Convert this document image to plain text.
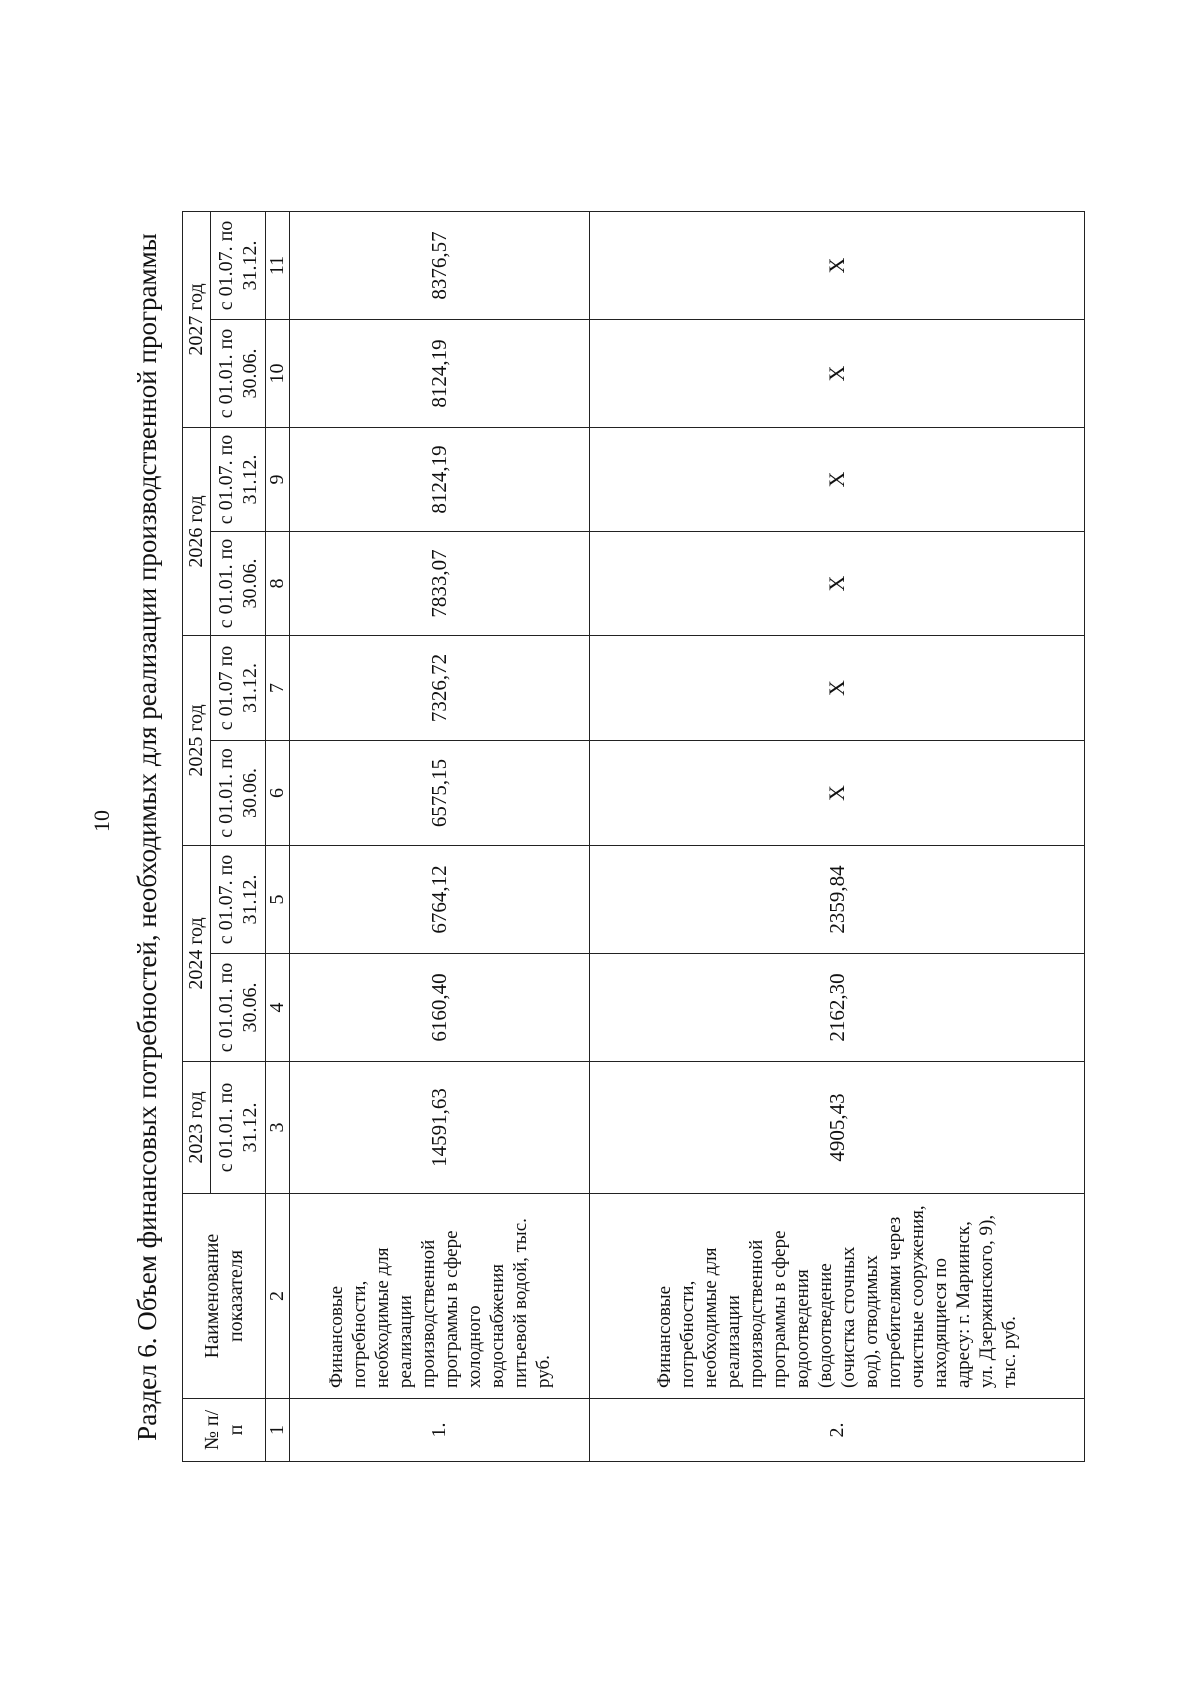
10 Раздел 6. Объем финансовых потребностей, необходимых для реализации производственной программы № п/п	Наименование показателя	2023 год	2024 год		2025 год		2026 год		2027 год	
		с 01.01. по 31.12.	с 01.01. по 30.06.	с 01.07. по 31.12.	с 01.01. по 30.06.	с 01.07 по 31.12.	с 01.01. по 30.06.	с 01.07. по 31.12.	с 01.01. по 30.06.	с 01.07. по 31.12.
1	2	3	4	5	6	7	8	9	10	11
1.	Финансовые потребности, необходимые для реализации производственной программы в сфере холодного водоснабжения питьевой водой, тыс. руб.	14591,63	6160,40	6764,12	6575,15	7326,72	7833,07	8124,19	8124,19	8376,57
2.	Финансовые потребности, необходимые для реализации производственной программы в сфере водоотведения (водоотведение (очистка сточных вод), отводимых потребителями через очистные сооружения, находящиеся по адресу: г. Мариинск, ул. Дзержинского, 9), тыс. руб.	4905,43	2162,30	2359,84	X	X	X	X	X	X
